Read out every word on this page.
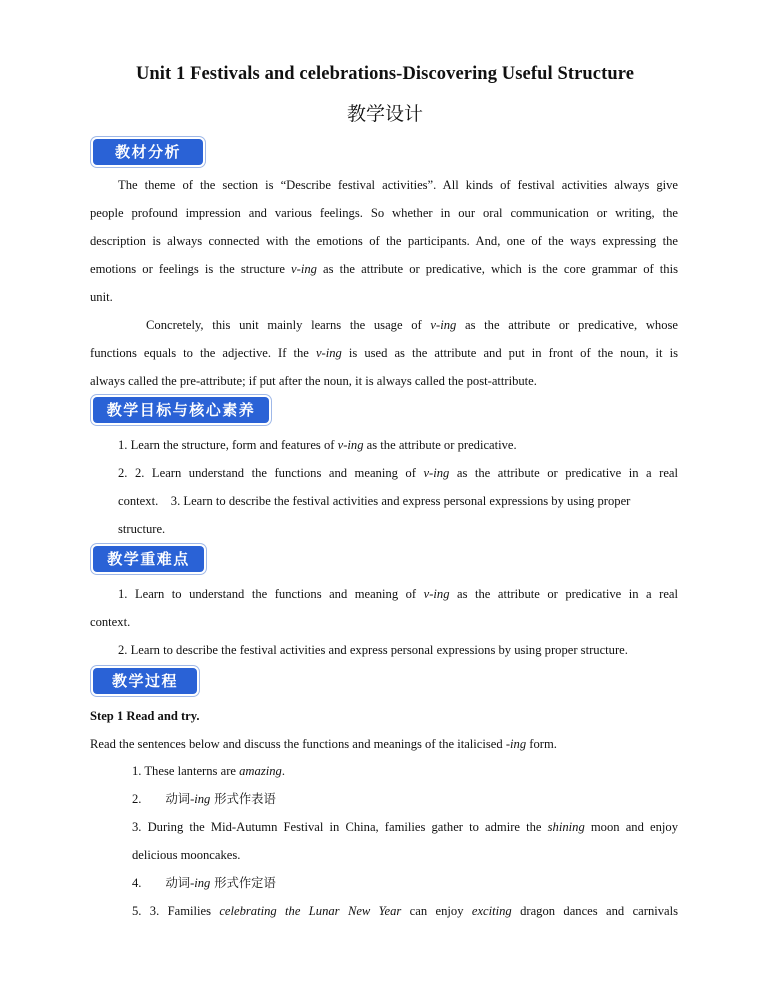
Unit 1 Festivals and celebrations-Discovering Useful Structure
教学设计
教材分析
The theme of the section is “Describe festival activities”. All kinds of festival activities always give
people profound impression and various feelings. So whether in our oral communication or writing, the
description is always connected with the emotions of the participants. And, one of the ways expressing the
emotions or feelings is the structure v-ing as the attribute or predicative, which is the core grammar of this
unit.
Concretely, this unit mainly learns the usage of v-ing as the attribute or predicative, whose
functions equals to the adjective. If the v-ing is used as the attribute and put in front of the noun, it is
always called the pre-attribute; if put after the noun, it is always called the post-attribute.
教学目标与核心素养
1. Learn the structure, form and features of v-ing as the attribute or predicative.
2. 2. Learn understand the functions and meaning of v-ing as the attribute or predicative in a real
context.    3. Learn to describe the festival activities and express personal expressions by using proper
structure.
教学重难点
1. Learn to understand the functions and meaning of v-ing as the attribute or predicative in a real
context.
2. Learn to describe the festival activities and express personal expressions by using proper structure.
教学过程
Step 1 Read and try.
Read the sentences below and discuss the functions and meanings of the italicised -ing form.
1. These lanterns are amazing.
2. 动词-ing 形式作表语
3. During the Mid-Autumn Festival in China, families gather to admire the shining moon and enjoy
delicious mooncakes.
4. 动词-ing 形式作定语
5. 3. Families celebrating the Lunar New Year can enjoy exciting dragon dances and carnivals
